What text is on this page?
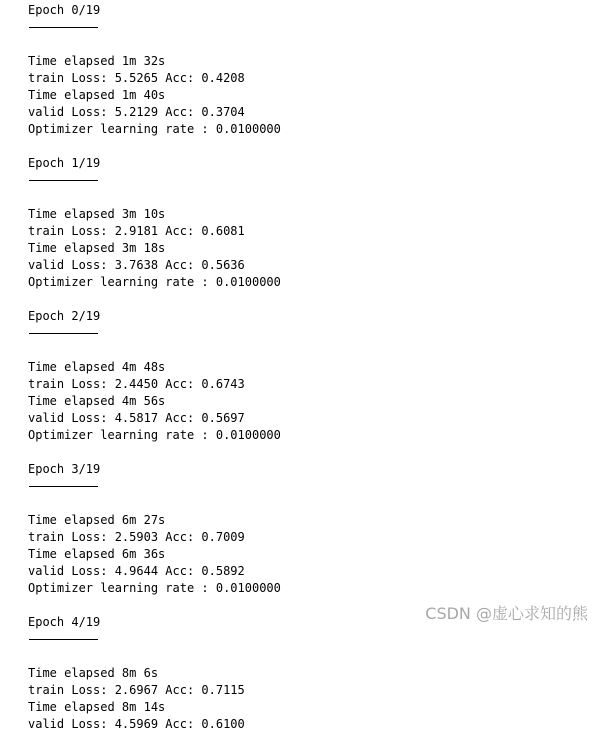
Epoch 0/19
Time elapsed 1m 32s
train Loss: 5.5265 Acc: 0.4208
Time elapsed 1m 40s
valid Loss: 5.2129 Acc: 0.3704
Optimizer learning rate : 0.0100000
Epoch 1/19
Time elapsed 3m 10s
train Loss: 2.9181 Acc: 0.6081
Time elapsed 3m 18s
valid Loss: 3.7638 Acc: 0.5636
Optimizer learning rate : 0.0100000
Epoch 2/19
Time elapsed 4m 48s
train Loss: 2.4450 Acc: 0.6743
Time elapsed 4m 56s
valid Loss: 4.5817 Acc: 0.5697
Optimizer learning rate : 0.0100000
Epoch 3/19
Time elapsed 6m 27s
train Loss: 2.5903 Acc: 0.7009
Time elapsed 6m 36s
valid Loss: 4.9644 Acc: 0.5892
Optimizer learning rate : 0.0100000
Epoch 4/19
Time elapsed 8m 6s
train Loss: 2.6967 Acc: 0.7115
Time elapsed 8m 14s
valid Loss: 4.5969 Acc: 0.6100
CSDN @虚心求知的熊
